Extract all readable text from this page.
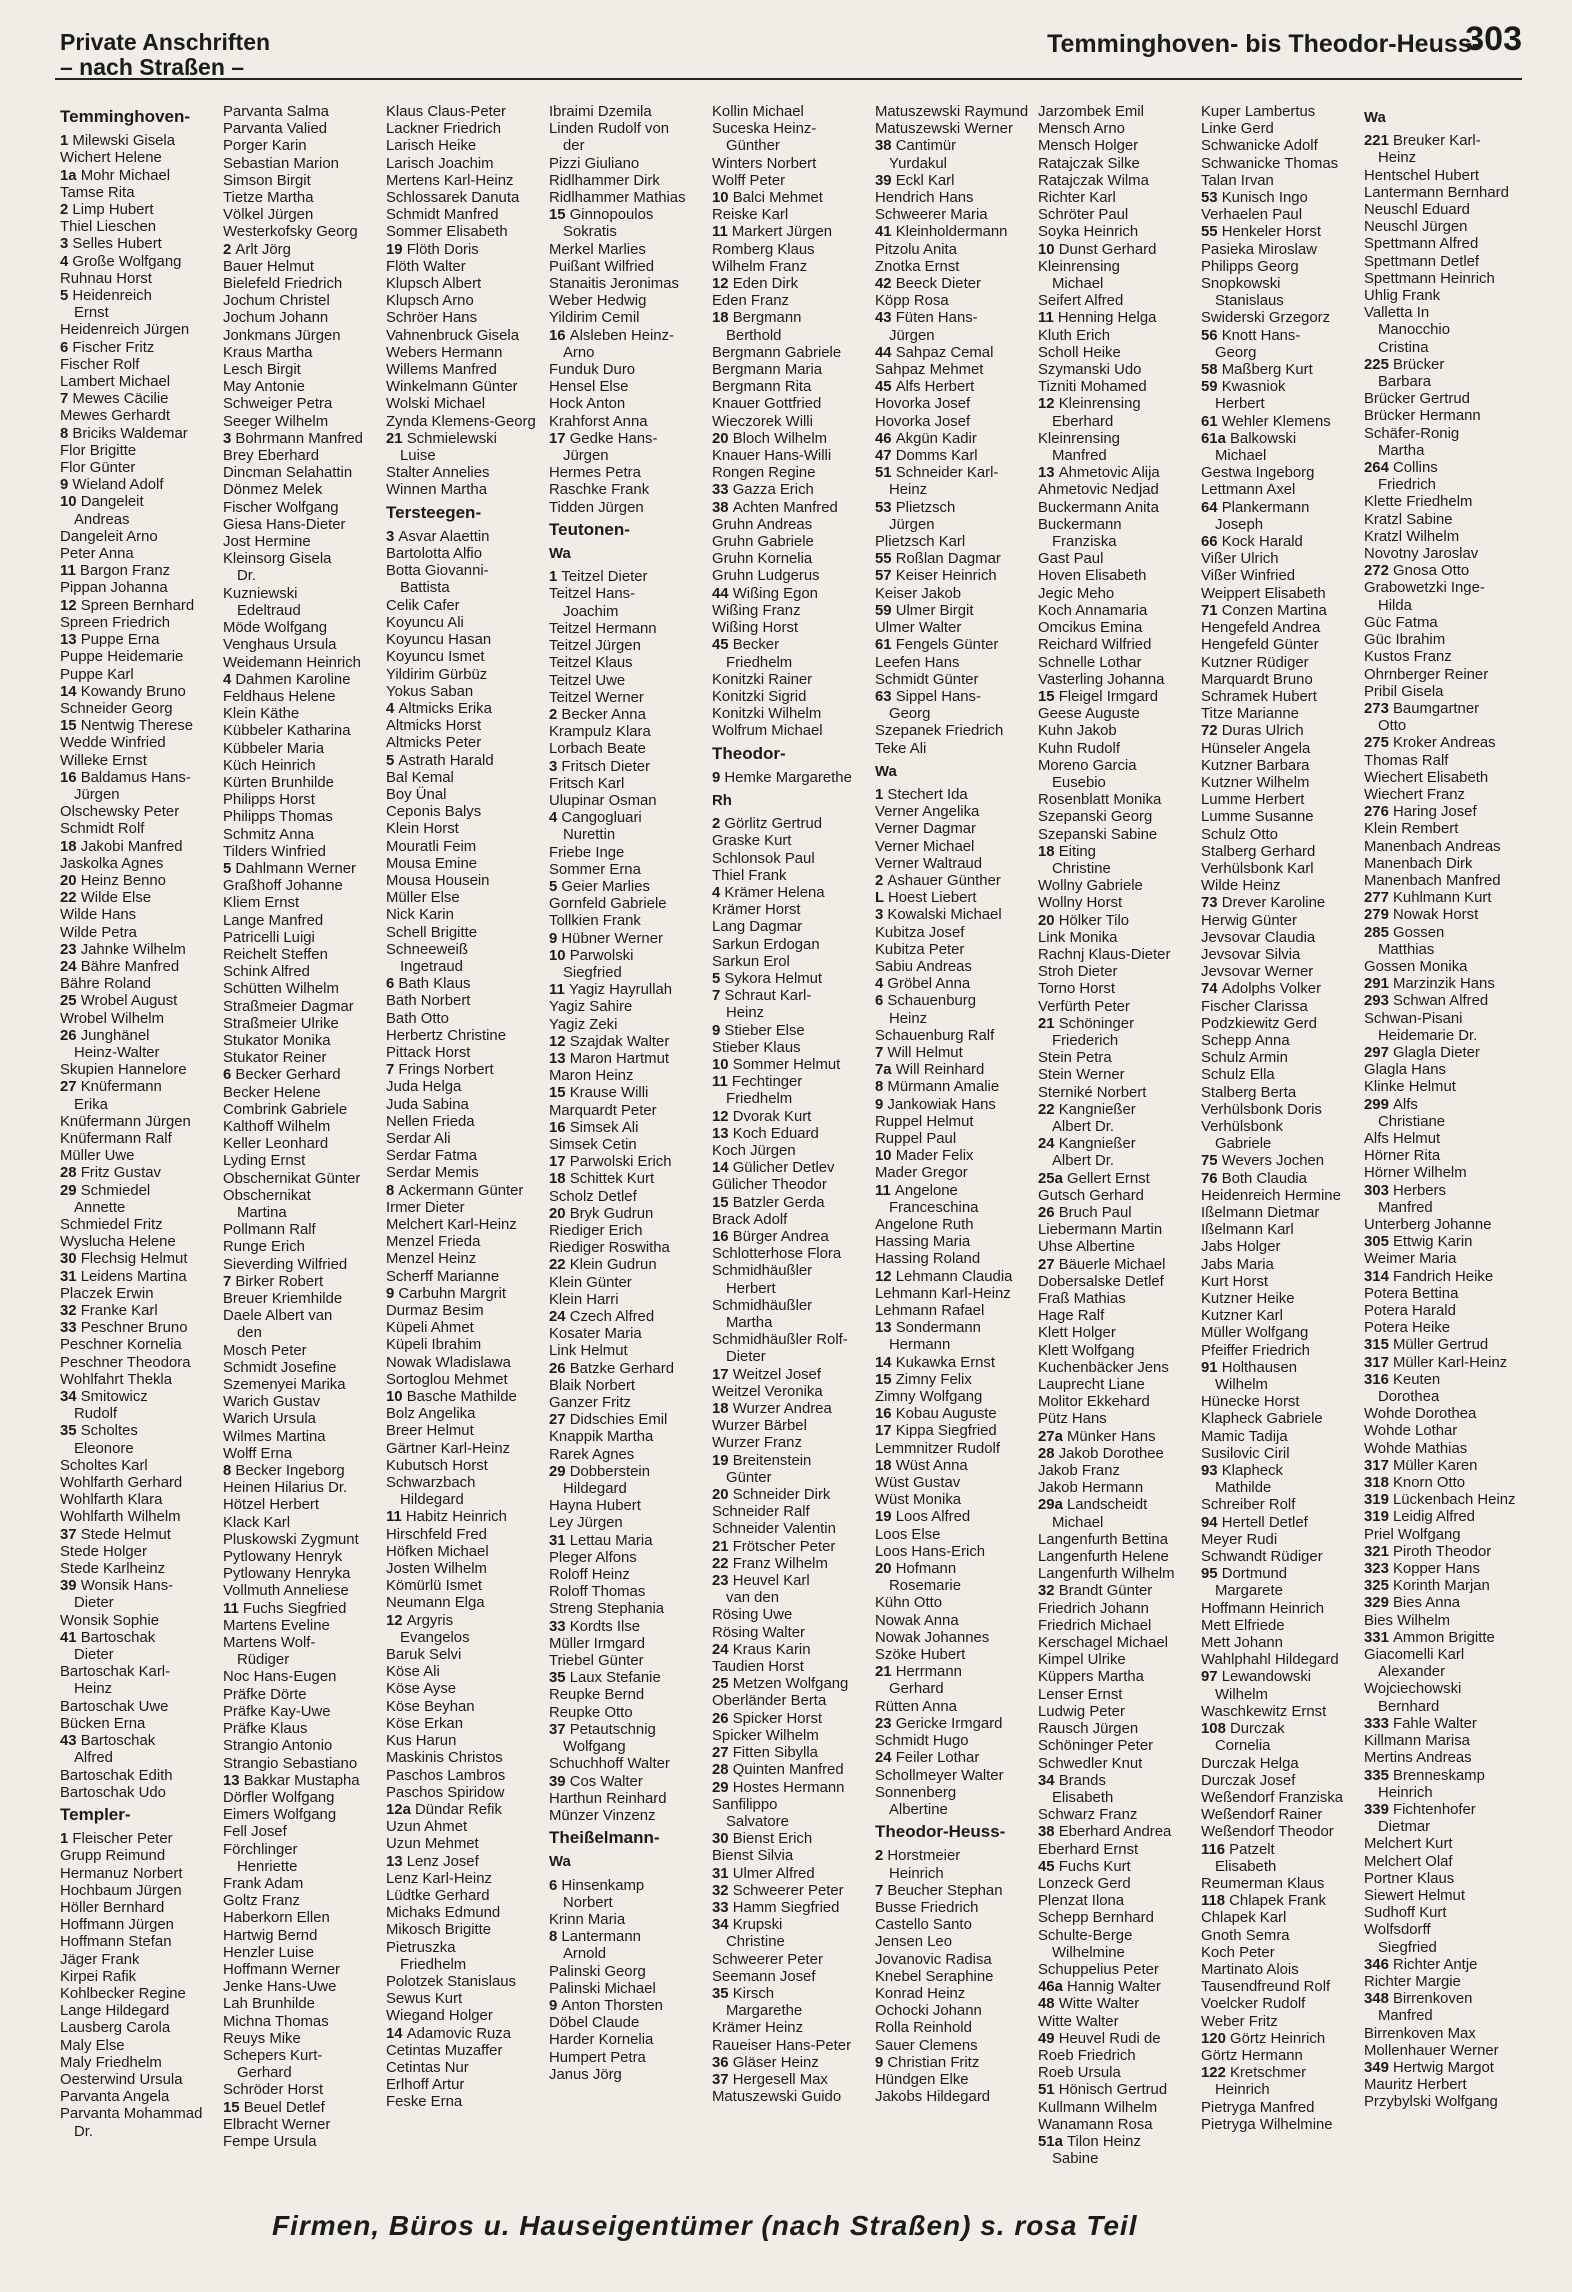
Private Anschriften
– nach Straßen –
Temminghoven- bis Theodor-Heuss-
303
Temminghoven-
1 Milewski Gisela
Wichert Helene
1a Mohr Michael
Tamse Rita
2 Limp Hubert
Thiel Lieschen
3 Selles Hubert
4 Große Wolfgang
Ruhnau Horst
5 Heidenreich
Ernst
Heidenreich Jürgen
6 Fischer Fritz
Fischer Rolf
Lambert Michael
7 Mewes Cäcilie
Mewes Gerhardt
8 Briciks Waldemar
Flor Brigitte
Flor Günter
9 Wieland Adolf
10 Dangeleit
Andreas
Dangeleit Arno
Peter Anna
11 Bargon Franz
Pippan Johanna
12 Spreen Bernhard
Spreen Friedrich
13 Puppe Erna
Puppe Heidemarie
Puppe Karl
14 Kowandy Bruno
Schneider Georg
15 Nentwig Therese
Wedde Winfried
Willeke Ernst
16 Baldamus Hans-
Jürgen
Olschewsky Peter
Schmidt Rolf
18 Jakobi Manfred
Jaskolka Agnes
20 Heinz Benno
22 Wilde Else
Wilde Hans
Wilde Petra
23 Jahnke Wilhelm
24 Bähre Manfred
Bähre Roland
25 Wrobel August
Wrobel Wilhelm
26 Junghänel
Heinz-Walter
Skupien Hannelore
27 Knüfermann
Erika
Knüfermann Jürgen
Knüfermann Ralf
Müller Uwe
28 Fritz Gustav
29 Schmiedel
Annette
Schmiedel Fritz
Wyslucha Helene
30 Flechsig Helmut
31 Leidens Martina
Placzek Erwin
32 Franke Karl
33 Peschner Bruno
Peschner Kornelia
Peschner Theodora
Wohlfahrt Thekla
34 Smitowicz
Rudolf
35 Scholtes
Eleonore
Scholtes Karl
Wohlfarth Gerhard
Wohlfarth Klara
Wohlfarth Wilhelm
37 Stede Helmut
Stede Holger
Stede Karlheinz
39 Wonsik Hans-
Dieter
Wonsik Sophie
41 Bartoschak
Dieter
Bartoschak Karl-
Heinz
Bartoschak Uwe
Bücken Erna
43 Bartoschak
Alfred
Bartoschak Edith
Bartoschak Udo
Templer-
1 Fleischer Peter
Grupp Reimund
Hermanuz Norbert
Hochbaum Jürgen
Höller Bernhard
Hoffmann Jürgen
Hoffmann Stefan
Jäger Frank
Kirpei Rafik
Kohlbecker Regine
Lange Hildegard
Lausberg Carola
Maly Else
Maly Friedhelm
Oesterwind Ursula
Parvanta Angela
Parvanta Mohammad
Dr.
Parvanta Salma
Parvanta Valied
Porger Karin
Sebastian Marion
Simson Birgit
Tietze Martha
Völkel Jürgen
Westerkofsky Georg
2 Arlt Jörg
Bauer Helmut
Bielefeld Friedrich
Jochum Christel
Jochum Johann
Jonkmans Jürgen
Kraus Martha
Lesch Birgit
May Antonie
Schweiger Petra
Seeger Wilhelm
3 Bohrmann Manfred
Brey Eberhard
Dincman Selahattin
Dönmez Melek
Fischer Wolfgang
Giesa Hans-Dieter
Jost Hermine
Kleinsorg Gisela
Dr.
Kuzniewski
Edeltraud
Möde Wolfgang
Venghaus Ursula
Weidemann Heinrich
4 Dahmen Karoline
Feldhaus Helene
Klein Käthe
Kübbeler Katharina
Kübbeler Maria
Küch Heinrich
Kürten Brunhilde
Philipps Horst
Philipps Thomas
Schmitz Anna
Tilders Winfried
5 Dahlmann Werner
Graßhoff Johanne
Kliem Ernst
Lange Manfred
Patricelli Luigi
Reichelt Steffen
Schink Alfred
Schütten Wilhelm
Straßmeier Dagmar
Straßmeier Ulrike
Stukator Monika
Stukator Reiner
6 Becker Gerhard
Becker Helene
Combrink Gabriele
Kalthoff Wilhelm
Keller Leonhard
Lyding Ernst
Obschernikat Günter
Obschernikat
Martina
Pollmann Ralf
Runge Erich
Sieverding Wilfried
7 Birker Robert
Breuer Kriemhilde
Daele Albert van
den
Mosch Peter
Schmidt Josefine
Szemenyei Marika
Warich Gustav
Warich Ursula
Wilmes Martina
Wolff Erna
8 Becker Ingeborg
Heinen Hilarius Dr.
Hötzel Herbert
Klack Karl
Pluskowski Zygmunt
Pytlowany Henryk
Pytlowany Henryka
Vollmuth Anneliese
11 Fuchs Siegfried
Martens Eveline
Martens Wolf-
Rüdiger
Noc Hans-Eugen
Präfke Dörte
Präfke Kay-Uwe
Präfke Klaus
Strangio Antonio
Strangio Sebastiano
13 Bakkar Mustapha
Dörfler Wolfgang
Eimers Wolfgang
Fell Josef
Förchlinger
Henriette
Frank Adam
Goltz Franz
Haberkorn Ellen
Hartwig Bernd
Henzler Luise
Hoffmann Werner
Jenke Hans-Uwe
Lah Brunhilde
Michna Thomas
Reuys Mike
Schepers Kurt-
Gerhard
Schröder Horst
15 Beuel Detlef
Elbracht Werner
Fempe Ursula
Klaus Claus-Peter
Lackner Friedrich
Larisch Heike
Larisch Joachim
Mertens Karl-Heinz
Schlossarek Danuta
Schmidt Manfred
Sommer Elisabeth
19 Flöth Doris
Flöth Walter
Klupsch Albert
Klupsch Arno
Schröer Hans
Vahnenbruck Gisela
Webers Hermann
Willems Manfred
Winkelmann Günter
Wolski Michael
Zynda Klemens-Georg
21 Schmielewski
Luise
Stalter Annelies
Winnen Martha
Tersteegen-
3 Asvar Alaettin
Bartolotta Alfio
Botta Giovanni-
Battista
Celik Cafer
Koyuncu Ali
Koyuncu Hasan
Koyuncu Ismet
Yildirim Gürbüz
Yokus Saban
4 Altmicks Erika
Altmicks Horst
Altmicks Peter
5 Astrath Harald
Bal Kemal
Boy Ünal
Ceponis Balys
Klein Horst
Mouratli Feim
Mousa Emine
Mousa Housein
Müller Else
Nick Karin
Schell Brigitte
Schneeweiß
Ingetraud
6 Bath Klaus
Bath Norbert
Bath Otto
Herbertz Christine
Pittack Horst
7 Frings Norbert
Juda Helga
Juda Sabina
Nellen Frieda
Serdar Ali
Serdar Fatma
Serdar Memis
8 Ackermann Günter
Irmer Dieter
Melchert Karl-Heinz
Menzel Frieda
Menzel Heinz
Scherff Marianne
9 Carbuhn Margrit
Durmaz Besim
Küpeli Ahmet
Küpeli Ibrahim
Nowak Wladislawa
Sortoglou Mehmet
10 Basche Mathilde
Bolz Angelika
Breer Helmut
Gärtner Karl-Heinz
Kubutsch Horst
Schwarzbach
Hildegard
11 Habitz Heinrich
Hirschfeld Fred
Höfken Michael
Josten Wilhelm
Kömürlü Ismet
Neumann Elga
12 Argyris
Evangelos
Baruk Selvi
Köse Ali
Köse Ayse
Köse Beyhan
Köse Erkan
Kus Harun
Maskinis Christos
Paschos Lambros
Paschos Spiridow
12a Dündar Refik
Uzun Ahmet
Uzun Mehmet
13 Lenz Josef
Lenz Karl-Heinz
Lüdtke Gerhard
Michaks Edmund
Mikosch Brigitte
Pietruszka
Friedhelm
Polotzek Stanislaus
Sewus Kurt
Wiegand Holger
14 Adamovic Ruza
Cetintas Muzaffer
Cetintas Nur
Erlhoff Artur
Feske Erna
Ibraimi Dzemila
Linden Rudolf von
der
Pizzi Giuliano
Ridlhammer Dirk
Ridlhammer Mathias
15 Ginnopoulos
Sokratis
Merkel Marlies
Puißant Wilfried
Stanaitis Jeronimas
Weber Hedwig
Yildirim Cemil
16 Alsleben Heinz-
Arno
Funduk Duro
Hensel Else
Hock Anton
Krahforst Anna
17 Gedke Hans-
Jürgen
Hermes Petra
Raschke Frank
Tidden Jürgen
Teutonen-
Wa
1 Teitzel Dieter
Teitzel Hans-
Joachim
Teitzel Hermann
Teitzel Jürgen
Teitzel Klaus
Teitzel Uwe
Teitzel Werner
2 Becker Anna
Krampulz Klara
Lorbach Beate
3 Fritsch Dieter
Fritsch Karl
Ulupinar Osman
4 Cangogluari
Nurettin
Friebe Inge
Sommer Erna
5 Geier Marlies
Gornfeld Gabriele
Tollkien Frank
9 Hübner Werner
10 Parwolski
Siegfried
11 Yagiz Hayrullah
Yagiz Sahire
Yagiz Zeki
12 Szajdak Walter
13 Maron Hartmut
Maron Heinz
15 Krause Willi
Marquardt Peter
16 Simsek Ali
Simsek Cetin
17 Parwolski Erich
18 Schittek Kurt
Scholz Detlef
20 Bryk Gudrun
Riediger Erich
Riediger Roswitha
22 Klein Gudrun
Klein Günter
Klein Harri
24 Czech Alfred
Kosater Maria
Link Helmut
26 Batzke Gerhard
Blaik Norbert
Ganzer Fritz
27 Didschies Emil
Knappik Martha
Rarek Agnes
29 Dobberstein
Hildegard
Hayna Hubert
Ley Jürgen
31 Lettau Maria
Pleger Alfons
Roloff Heinz
Roloff Thomas
Streng Stephania
33 Kordts Ilse
Müller Irmgard
Triebel Günter
35 Laux Stefanie
Reupke Bernd
Reupke Otto
37 Petautschnig
Wolfgang
Schuchhoff Walter
39 Cos Walter
Harthun Reinhard
Münzer Vinzenz
Theißelmann-
Wa
6 Hinsenkamp
Norbert
Krinn Maria
8 Lantermann
Arnold
Palinski Georg
Palinski Michael
9 Anton Thorsten
Döbel Claude
Harder Kornelia
Humpert Petra
Janus Jörg
Kollin Michael
Suceska Heinz-
Günther
Winters Norbert
Wolff Peter
10 Balci Mehmet
Reiske Karl
11 Markert Jürgen
Romberg Klaus
Wilhelm Franz
12 Eden Dirk
Eden Franz
18 Bergmann
Berthold
Bergmann Gabriele
Bergmann Maria
Bergmann Rita
Knauer Gottfried
Wieczorek Willi
20 Bloch Wilhelm
Knauer Hans-Willi
Rongen Regine
33 Gazza Erich
38 Achten Manfred
Gruhn Andreas
Gruhn Gabriele
Gruhn Kornelia
Gruhn Ludgerus
44 Wißing Egon
Wißing Franz
Wißing Horst
45 Becker
Friedhelm
Konitzki Rainer
Konitzki Sigrid
Konitzki Wilhelm
Wolfrum Michael
Theodor-
9 Hemke Margarethe
Rh
2 Görlitz Gertrud
Graske Kurt
Schlonsok Paul
Thiel Frank
4 Krämer Helena
Krämer Horst
Lang Dagmar
Sarkun Erdogan
Sarkun Erol
5 Sykora Helmut
7 Schraut Karl-
Heinz
9 Stieber Else
Stieber Klaus
10 Sommer Helmut
11 Fechtinger
Friedhelm
12 Dvorak Kurt
13 Koch Eduard
Koch Jürgen
14 Gülicher Detlev
Gülicher Theodor
15 Batzler Gerda
Brack Adolf
16 Bürger Andrea
Schlotterhose Flora
Schmidhäußler
Herbert
Schmidhäußler
Martha
Schmidhäußler Rolf-
Dieter
17 Weitzel Josef
Weitzel Veronika
18 Wurzer Andrea
Wurzer Bärbel
Wurzer Franz
19 Breitenstein
Günter
20 Schneider Dirk
Schneider Ralf
Schneider Valentin
21 Frötscher Peter
22 Franz Wilhelm
23 Heuvel Karl
van den
Rösing Uwe
Rösing Walter
24 Kraus Karin
Taudien Horst
25 Metzen Wolfgang
Oberländer Berta
26 Spicker Horst
Spicker Wilhelm
27 Fitten Sibylla
28 Quinten Manfred
29 Hostes Hermann
Sanfilippo
Salvatore
30 Bienst Erich
Bienst Silvia
31 Ulmer Alfred
32 Schweerer Peter
33 Hamm Siegfried
34 Krupski
Christine
Schweerer Peter
Seemann Josef
35 Kirsch
Margarethe
Krämer Heinz
Raueiser Hans-Peter
36 Gläser Heinz
37 Hergesell Max
Matuszewski Guido
Matuszewski Raymund
Matuszewski Werner
38 Cantimür
Yurdakul
39 Eckl Karl
Hendrich Hans
Schweerer Maria
41 Kleinholdermann
Pitzolu Anita
Znotka Ernst
42 Beeck Dieter
Köpp Rosa
43 Füten Hans-
Jürgen
44 Sahpaz Cemal
Sahpaz Mehmet
45 Alfs Herbert
Hovorka Josef
Hovorka Josef
46 Akgün Kadir
47 Domms Karl
51 Schneider Karl-
Heinz
53 Plietzsch
Jürgen
Plietzsch Karl
55 Roßlan Dagmar
57 Keiser Heinrich
Keiser Jakob
59 Ulmer Birgit
Ulmer Walter
61 Fengels Günter
Leefen Hans
Schmidt Günter
63 Sippel Hans-
Georg
Szepanek Friedrich
Teke Ali
Wa
1 Stechert Ida
Verner Angelika
Verner Dagmar
Verner Michael
Verner Waltraud
2 Ashauer Günther
L Hoest Liebert
3 Kowalski Michael
Kubitza Josef
Kubitza Peter
Sabiu Andreas
4 Gröbel Anna
6 Schauenburg
Heinz
Schauenburg Ralf
7 Will Helmut
7a Will Reinhard
8 Mürmann Amalie
9 Jankowiak Hans
Ruppel Helmut
Ruppel Paul
10 Mader Felix
Mader Gregor
11 Angelone
Franceschina
Angelone Ruth
Hassing Maria
Hassing Roland
12 Lehmann Claudia
Lehmann Karl-Heinz
Lehmann Rafael
13 Sondermann
Hermann
14 Kukawka Ernst
15 Zimny Felix
Zimny Wolfgang
16 Kobau Auguste
17 Kippa Siegfried
Lemmnitzer Rudolf
18 Wüst Anna
Wüst Gustav
Wüst Monika
19 Loos Alfred
Loos Else
Loos Hans-Erich
20 Hofmann
Rosemarie
Kühn Otto
Nowak Anna
Nowak Johannes
Szöke Hubert
21 Herrmann
Gerhard
Rütten Anna
23 Gericke Irmgard
Schmidt Hugo
24 Feiler Lothar
Schollmeyer Walter
Sonnenberg
Albertine
Theodor-Heuss-
2 Horstmeier
Heinrich
7 Beucher Stephan
Busse Friedrich
Castello Santo
Jensen Leo
Jovanovic Radisa
Knebel Seraphine
Konrad Heinz
Ochocki Johann
Rolla Reinhold
Sauer Clemens
9 Christian Fritz
Hündgen Elke
Jakobs Hildegard
Jarzombek Emil
Mensch Arno
Mensch Holger
Ratajczak Silke
Ratajczak Wilma
Richter Karl
Schröter Paul
Soyka Heinrich
10 Dunst Gerhard
Kleinrensing
Michael
Seifert Alfred
11 Henning Helga
Kluth Erich
Scholl Heike
Szymanski Udo
Tizniti Mohamed
12 Kleinrensing
Eberhard
Kleinrensing
Manfred
13 Ahmetovic Alija
Ahmetovic Nedjad
Buckermann Anita
Buckermann
Franziska
Gast Paul
Hoven Elisabeth
Jegic Meho
Koch Annamaria
Omcikus Emina
Reichard Wilfried
Schnelle Lothar
Vasterling Johanna
15 Fleigel Irmgard
Geese Auguste
Kuhn Jakob
Kuhn Rudolf
Moreno Garcia
Eusebio
Rosenblatt Monika
Szepanski Georg
Szepanski Sabine
18 Eiting
Christine
Wollny Gabriele
Wollny Horst
20 Hölker Tilo
Link Monika
Rachnj Klaus-Dieter
Stroh Dieter
Torno Horst
Verfürth Peter
21 Schöninger
Friederich
Stein Petra
Stein Werner
Sterniké Norbert
22 Kangnießer
Albert Dr.
24 Kangnießer
Albert Dr.
25a Gellert Ernst
Gutsch Gerhard
26 Bruch Paul
Liebermann Martin
Uhse Albertine
27 Bäuerle Michael
Dobersalske Detlef
Fraß Mathias
Hage Ralf
Klett Holger
Klett Wolfgang
Kuchenbäcker Jens
Lauprecht Liane
Molitor Ekkehard
Pütz Hans
27a Münker Hans
28 Jakob Dorothee
Jakob Franz
Jakob Hermann
29a Landscheidt
Michael
Langenfurth Bettina
Langenfurth Helene
Langenfurth Wilhelm
32 Brandt Günter
Friedrich Johann
Friedrich Michael
Kerschagel Michael
Kimpel Ulrike
Küppers Martha
Lenser Ernst
Ludwig Peter
Rausch Jürgen
Schöninger Peter
Schwedler Knut
34 Brands
Elisabeth
Schwarz Franz
38 Eberhard Andrea
Eberhard Ernst
45 Fuchs Kurt
Lonzeck Gerd
Plenzat Ilona
Schepp Bernhard
Schulte-Berge
Wilhelmine
Schuppelius Peter
46a Hannig Walter
48 Witte Walter
Witte Walter
49 Heuvel Rudi de
Roeb Friedrich
Roeb Ursula
51 Hönisch Gertrud
Kullmann Wilhelm
Wanamann Rosa
51a Tilon Heinz
Sabine
Kuper Lambertus
Linke Gerd
Schwanicke Adolf
Schwanicke Thomas
Talan Irvan
53 Kunisch Ingo
Verhaelen Paul
55 Henkeler Horst
Pasieka Miroslaw
Philipps Georg
Snopkowski
Stanislaus
Swiderski Grzegorz
56 Knott Hans-
Georg
58 Maßberg Kurt
59 Kwasniok
Herbert
61 Wehler Klemens
61a Balkowski
Michael
Gestwa Ingeborg
Lettmann Axel
64 Plankermann
Joseph
66 Kock Harald
Vißer Ulrich
Vißer Winfried
Weippert Elisabeth
71 Conzen Martina
Hengefeld Andrea
Hengefeld Günter
Kutzner Rüdiger
Marquardt Bruno
Schramek Hubert
Titze Marianne
72 Duras Ulrich
Hünseler Angela
Kutzner Barbara
Kutzner Wilhelm
Lumme Herbert
Lumme Susanne
Schulz Otto
Stalberg Gerhard
Verhülsbonk Karl
Wilde Heinz
73 Drever Karoline
Herwig Günter
Jevsovar Claudia
Jevsovar Silvia
Jevsovar Werner
74 Adolphs Volker
Fischer Clarissa
Podzkiewitz Gerd
Schepp Anna
Schulz Armin
Schulz Ella
Stalberg Berta
Verhülsbonk Doris
Verhülsbonk
Gabriele
75 Wevers Jochen
76 Both Claudia
Heidenreich Hermine
Ißelmann Dietmar
Ißelmann Karl
Jabs Holger
Jabs Maria
Kurt Horst
Kutzner Heike
Kutzner Karl
Müller Wolfgang
Pfeiffer Friedrich
91 Holthausen
Wilhelm
Hünecke Horst
Klapheck Gabriele
Mamic Tadija
Susilovic Ciril
93 Klapheck
Mathilde
Schreiber Rolf
94 Hertell Detlef
Meyer Rudi
Schwandt Rüdiger
95 Dortmund
Margarete
Hoffmann Heinrich
Mett Elfriede
Mett Johann
Wahlphahl Hildegard
97 Lewandowski
Wilhelm
Waschkewitz Ernst
108 Durczak
Cornelia
Durczak Helga
Durczak Josef
Weßendorf Franziska
Weßendorf Rainer
Weßendorf Theodor
116 Patzelt
Elisabeth
Reumerman Klaus
118 Chlapek Frank
Chlapek Karl
Gnoth Semra
Koch Peter
Martinato Alois
Tausendfreund Rolf
Voelcker Rudolf
Weber Fritz
120 Görtz Heinrich
Görtz Hermann
122 Kretschmer
Heinrich
Pietryga Manfred
Pietryga Wilhelmine
Wa
221 Breuker Karl-
Heinz
Hentschel Hubert
Lantermann Bernhard
Neuschl Eduard
Neuschl Jürgen
Spettmann Alfred
Spettmann Detlef
Spettmann Heinrich
Uhlig Frank
Valletta In
Manocchio
Cristina
225 Brücker
Barbara
Brücker Gertrud
Brücker Hermann
Schäfer-Ronig
Martha
264 Collins
Friedrich
Klette Friedhelm
Kratzl Sabine
Kratzl Wilhelm
Novotny Jaroslav
272 Gnosa Otto
Grabowetzki Inge-
Hilda
Güc Fatma
Güc Ibrahim
Kustos Franz
Ohrnberger Reiner
Pribil Gisela
273 Baumgartner
Otto
275 Kroker Andreas
Thomas Ralf
Wiechert Elisabeth
Wiechert Franz
276 Haring Josef
Klein Rembert
Manenbach Andreas
Manenbach Dirk
Manenbach Manfred
277 Kuhlmann Kurt
279 Nowak Horst
285 Gossen
Matthias
Gossen Monika
291 Marzinzik Hans
293 Schwan Alfred
Schwan-Pisani
Heidemarie Dr.
297 Glagla Dieter
Glagla Hans
Klinke Helmut
299 Alfs
Christiane
Alfs Helmut
Hörner Rita
Hörner Wilhelm
303 Herbers
Manfred
Unterberg Johanne
305 Ettwig Karin
Weimer Maria
314 Fandrich Heike
Potera Bettina
Potera Harald
Potera Heike
315 Müller Gertrud
317 Müller Karl-Heinz
316 Keuten
Dorothea
Wohde Dorothea
Wohde Lothar
Wohde Mathias
317 Müller Karen
318 Knorn Otto
319 Lückenbach Heinz
319 Leidig Alfred
Priel Wolfgang
321 Piroth Theodor
323 Kopper Hans
325 Korinth Marjan
329 Bies Anna
Bies Wilhelm
331 Ammon Brigitte
Giacomelli Karl
Alexander
Wojciechowski
Bernhard
333 Fahle Walter
Killmann Marisa
Mertins Andreas
335 Brenneskamp
Heinrich
339 Fichtenhofer
Dietmar
Melchert Kurt
Melchert Olaf
Portner Klaus
Siewert Helmut
Sudhoff Kurt
Wolfsdorff
Siegfried
346 Richter Antje
Richter Margie
348 Birrenkoven
Manfred
Birrenkoven Max
Mollenhauer Werner
349 Hertwig Margot
Mauritz Herbert
Przybylski Wolfgang
Firmen, Büros u. Hauseigentümer (nach Straßen) s. rosa Teil
